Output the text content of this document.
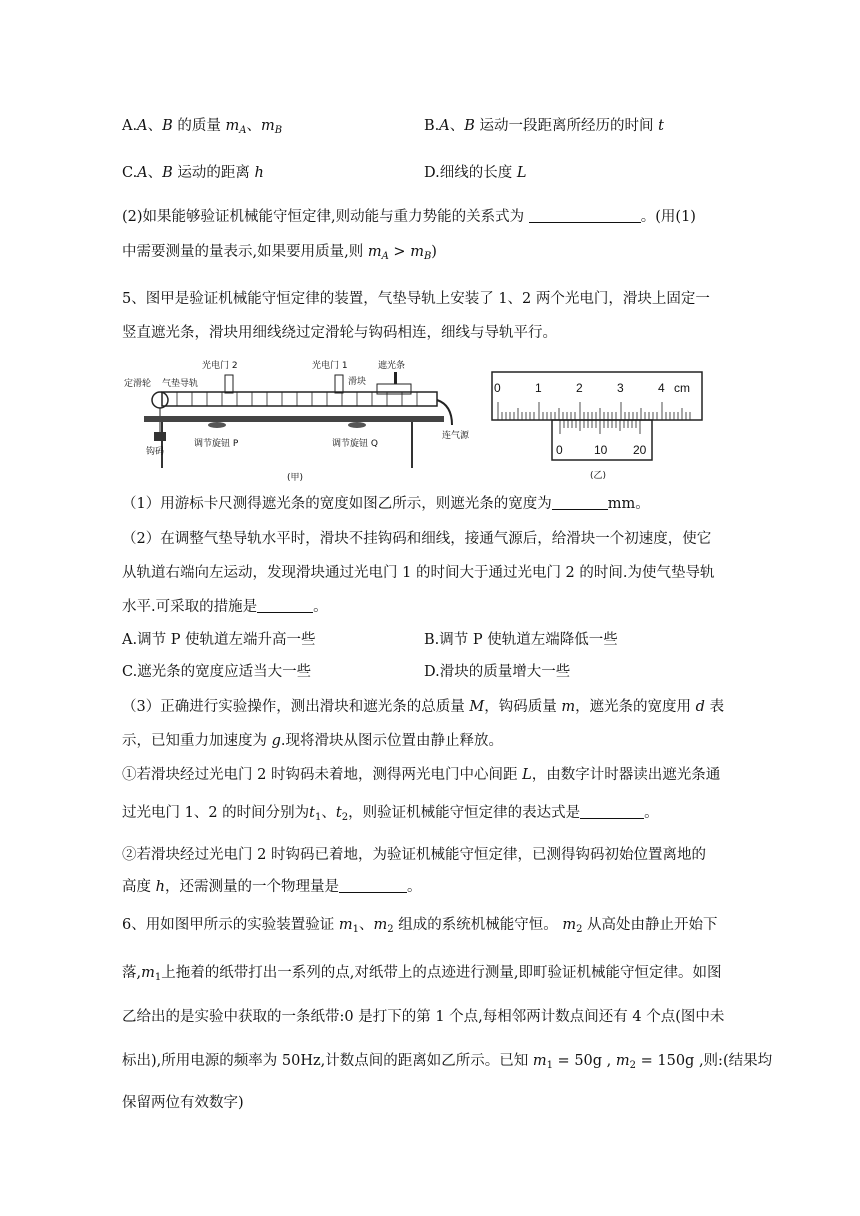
A.A、B 的质量 $m_A$、$m_B$	B.A、B 运动一段距离所经历的时间 t
C.A、B 运动的距离 h	D.细线的长度 L
(2)如果能够验证机械能守恒定律,则动能与重力势能的关系式为	。(用(1)
中需要测量的量表示,如果要用质量,则 $m_A > m_B$)
5、图甲是验证机械能守恒定律的装置，气垫导轨上安装了 1、2 两个光电门，滑块上固定一
竖直遮光条，滑块用细线绕过定滑轮与钩码相连，细线与导轨平行。
定滑轮 气垫导轨
光电门 2	光电门 1	遮光条
滑块
钩码
调节旋钮 P	调节旋钮 Q
连气源
(甲)
0	1	2	3	4 cm
0	10 20
(乙)
（1）用游标卡尺测得遮光条的宽度如图乙所示，则遮光条的宽度为	mm。
（2）在调整气垫导轨水平时，滑块不挂钩码和细线，接通气源后，给滑块一个初速度，使它
从轨道右端向左运动，发现滑块通过光电门 1 的时间大于通过光电门 2 的时间.为使气垫导轨
水平.可采取的措施是	。
A.调节 P 使轨道左端升高一些	B.调节 P 使轨道左端降低一些
C.遮光条的宽度应适当大一些	D.滑块的质量增大一些
（3）正确进行实验操作，测出滑块和遮光条的总质量 M，钩码质量 m，遮光条的宽度用 d 表
示，已知重力加速度为 g.现将滑块从图示位置由静止释放。
①若滑块经过光电门 2 时钩码未着地，测得两光电门中心间距 L，由数字计时器读出遮光条通
过光电门 1、2 的时间分别为$t_1$、$t_2$，则验证机械能守恒定律的表达式是	。
②若滑块经过光电门 2 时钩码已着地，为验证机械能守恒定律，已测得钩码初始位置离地的
高度 h，还需测量的一个物理量是	。
6、用如图甲所示的实验装置验证 $m_1$、$m_2$ 组成的系统机械能守恒。 $m_2$ 从高处由静止开始下
落$,m_1$上拖着的纸带打出一系列的点,对纸带上的点迹进行测量,即町验证机械能守恒定律。如图
乙给出的是实验中获取的一条纸带:0 是打下的第 1 个点,每相邻两计数点间还有 4 个点(图中未
标出),所用电源的频率为 50Hz,计数点间的距离如乙所示。已知 $m_1 = 50g$ , $m_2 = 150g$ ,则:(结果均
保留两位有效数字)
